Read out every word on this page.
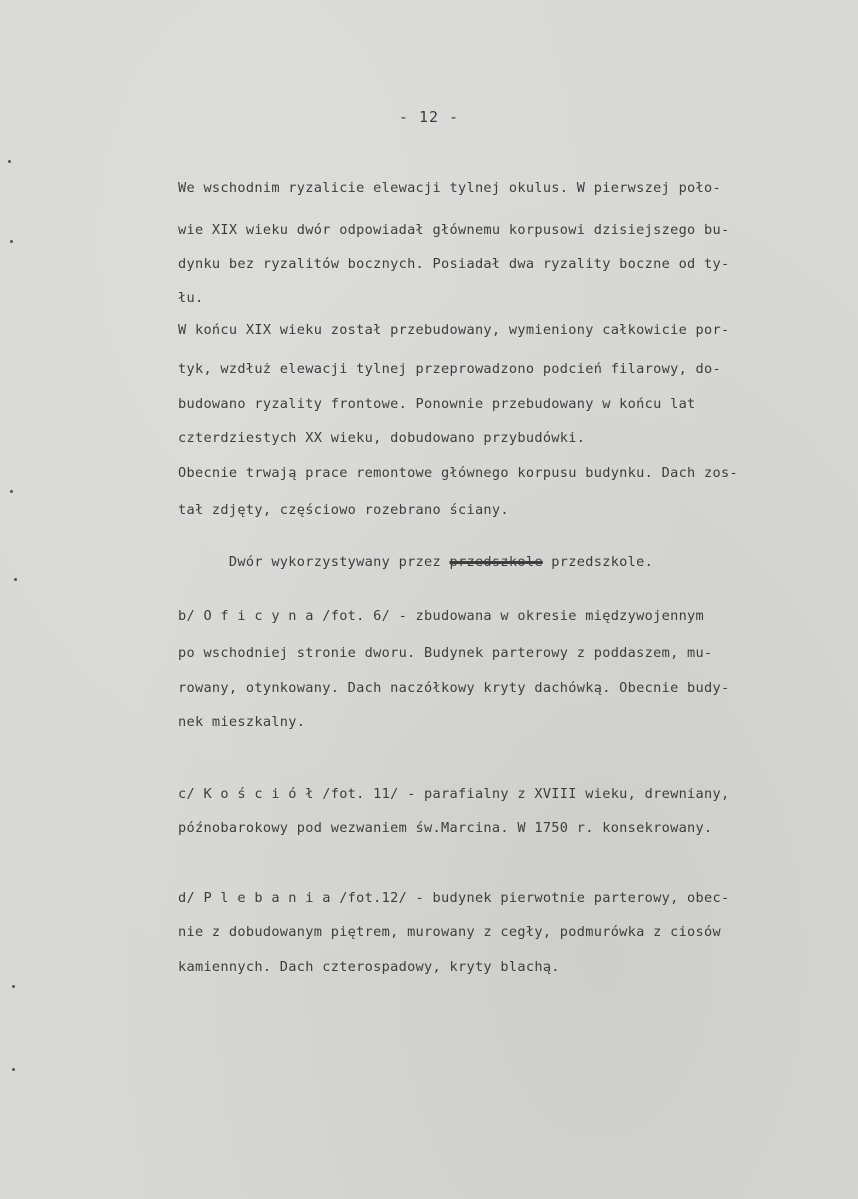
- 12 -

Dwór wykorzystywany przez przedszkole przedszkole.

We wschodnim ryzalicie elewacji tylnej okulus. W pierwszej poło-
wie XIX wieku dwór odpowiadał głównemu korpusowi dzisiejszego bu-
dynku bez ryzalitów bocznych. Posiadał dwa ryzality boczne od ty-
łu.
W końcu XIX wieku został przebudowany, wymieniony całkowicie por-
tyk, wzdłuż elewacji tylnej przeprowadzono podcień filarowy, do-
budowano ryzality frontowe. Ponownie przebudowany w końcu lat
czterdziestych XX wieku, dobudowano przybudówki.
Obecnie trwają prace remontowe głównego korpusu budynku. Dach zos-
tał zdjęty, częściowo rozebrano ściany.
b/ O f i c y n a /fot. 6/ - zbudowana w okresie międzywojennym
po wschodniej stronie dworu. Budynek parterowy z poddaszem, mu-
rowany, otynkowany. Dach naczółkowy kryty dachówką. Obecnie budy-
nek mieszkalny.
c/ K o ś c i ó ł /fot. 11/ - parafialny z XVIII wieku, drewniany,
późnobarokowy pod wezwaniem św.Marcina. W 1750 r. konsekrowany.
d/ P l e b a n i a /fot.12/ - budynek pierwotnie parterowy, obec-
nie z dobudowanym piętrem, murowany z cegły, podmurówka z ciosów
kamiennych. Dach czterospadowy, kryty blachą.
